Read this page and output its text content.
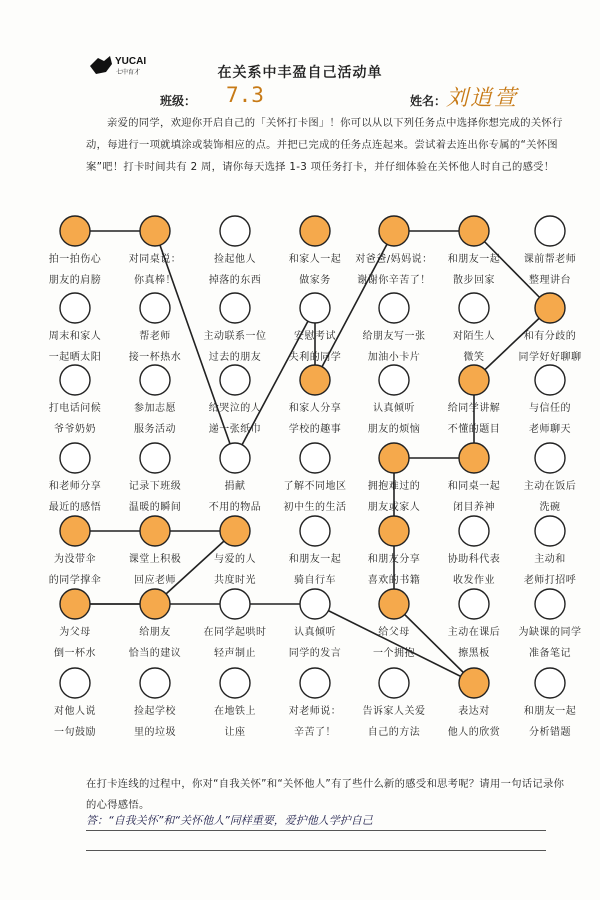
YUCAI
七中育才	在关系中丰盈自己活动单
班级： 7.3	姓名： 刘逍萱
亲爱的同学，欢迎你开启自己的「关怀打卡图」！你可以从以下列任务点中选择你想完成的关怀行动，每进行一项就填涂或装饰相应的点。并把已完成的任务点连起来。尝试着去连出你专属的“关怀图案”吧！打卡时间共有 2 周，请你每天选择 1-3 项任务打卡，并仔细体验在关怀他人时自己的感受！
拍一拍伤心
朋友的肩膀
对同桌说：
你真棒！
捡起他人
掉落的东西
和家人一起
做家务
对爸爸/妈妈说：
谢谢你辛苦了！
和朋友一起
散步回家
课前帮老师
整理讲台
周末和家人
一起晒太阳
帮老师
接一杯热水
主动联系一位
过去的朋友
安慰考试
失利的同学
给朋友写一张
加油小卡片
对陌生人
微笑
和有分歧的
同学好好聊聊
打电话问候
爷爷奶奶
参加志愿
服务活动
给哭泣的人
递一张纸巾
和家人分享
学校的趣事
认真倾听
朋友的烦恼
给同学讲解
不懂的题目
与信任的
老师聊天
和老师分享
最近的感悟
记录下班级
温暖的瞬间
捐献
不用的物品
了解不同地区
初中生的生活
拥抱难过的
朋友或家人
和同桌一起
闭目养神
主动在饭后
洗碗
为没带伞
的同学撑伞
课堂上积极
回应老师
与爱的人
共度时光
和朋友一起
骑自行车
和朋友分享
喜欢的书籍
协助科代表
收发作业
主动和
老师打招呼
为父母
倒一杯水
给朋友
恰当的建议
在同学起哄时
轻声制止
认真倾听
同学的发言
给父母
一个拥抱
主动在课后
擦黑板
为缺课的同学
准备笔记
对他人说
一句鼓励
捡起学校
里的垃圾
在地铁上
让座
对老师说：
辛苦了！
告诉家人关爱
自己的方法
表达对
他人的欣赏
和朋友一起
分析错题
在打卡连线的过程中，你对“自我关怀”和“关怀他人”有了些什么新的感受和思考呢？请用一句话记录你的心得感悟。
答：“自我关怀”和“关怀他人”同样重要，爱护他人学护自己
